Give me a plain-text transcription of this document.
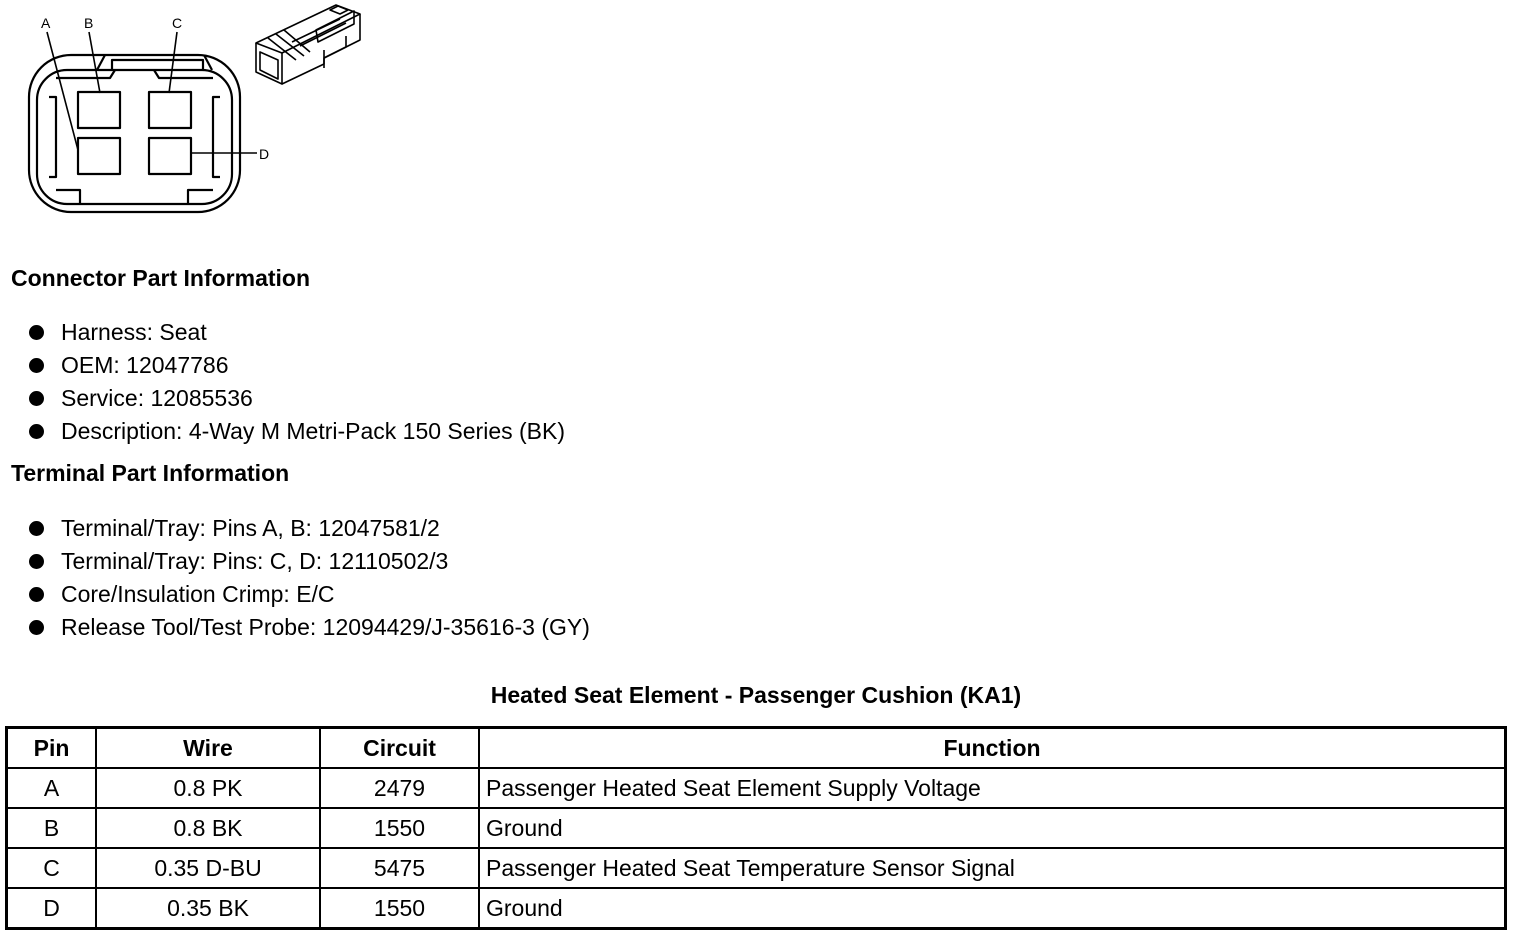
A B	C
D
Connector Part Information
Harness: Seat
OEM: 12047786
Service: 12085536
Description: 4-Way M Metri-Pack 150 Series (BK)
Terminal Part Information
Terminal/Tray: Pins A, B: 12047581/2
Terminal/Tray: Pins: C, D: 12110502/3
Core/Insulation Crimp: E/C
Release Tool/Test Probe: 12094429/J-35616-3 (GY)
Heated Seat Element - Passenger Cushion (KA1)
Pin	Wire	Circuit	Function
A	0.8 PK	2479	Passenger Heated Seat Element Supply Voltage
B	0.8 BK	1550	Ground
C	0.35 D-BU	5475	Passenger Heated Seat Temperature Sensor Signal
D	0.35 BK	1550	Ground
